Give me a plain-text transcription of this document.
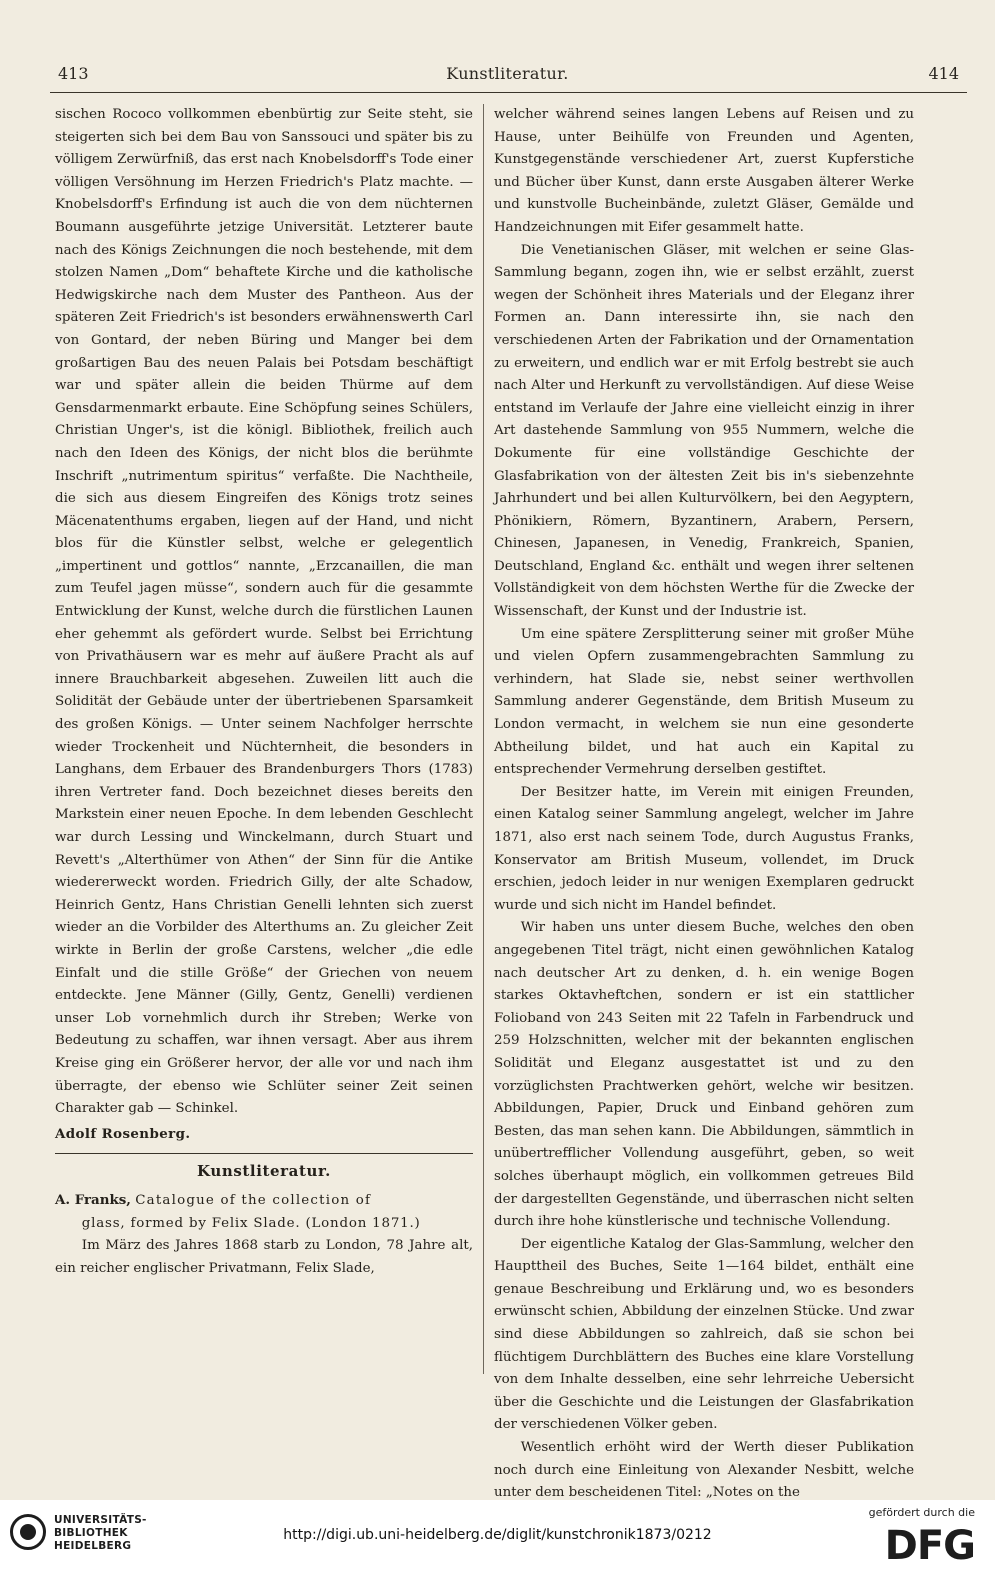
413	Kunstliteratur.	414

sischen Rococo vollkommen ebenbürtig zur Seite steht, sie steigerten sich bei dem Bau von Sanssouci und später bis zu völligem Zerwürfniß, das erst nach Knobelsdorff's Tode einer völligen Versöhnung im Herzen Friedrich's Platz machte. — Knobelsdorff's Erfindung ist auch die von dem nüchternen Boumann ausgeführte jetzige Universität. Letzterer baute nach des Königs Zeichnungen die noch bestehende, mit dem stolzen Namen „Dom“ behaftete Kirche und die katholische Hedwigskirche nach dem Muster des Pantheon. Aus der späteren Zeit Friedrich's ist besonders erwähnenswerth Carl von Gontard, der neben Büring und Manger bei dem großartigen Bau des neuen Palais bei Potsdam beschäftigt war und später allein die beiden Thürme auf dem Gensdarmenmarkt erbaute. Eine Schöpfung seines Schülers, Christian Unger's, ist die königl. Bibliothek, freilich auch nach den Ideen des Königs, der nicht blos die berühmte Inschrift „nutrimentum spiritus“ verfaßte. Die Nachtheile, die sich aus diesem Eingreifen des Königs trotz seines Mäcenatenthums ergaben, liegen auf der Hand, und nicht blos für die Künstler selbst, welche er gelegentlich „impertinent und gottlos“ nannte, „Erzcanaillen, die man zum Teufel jagen müsse“, sondern auch für die gesammte Entwicklung der Kunst, welche durch die fürstlichen Launen eher gehemmt als gefördert wurde. Selbst bei Errichtung von Privathäusern war es mehr auf äußere Pracht als auf innere Brauchbarkeit abgesehen. Zuweilen litt auch die Solidität der Gebäude unter der übertriebenen Sparsamkeit des großen Königs. — Unter seinem Nachfolger herrschte wieder Trockenheit und Nüchternheit, die besonders in Langhans, dem Erbauer des Brandenburgers Thors (1783) ihren Vertreter fand. Doch bezeichnet dieses bereits den Markstein einer neuen Epoche. In dem lebenden Geschlecht war durch Lessing und Winckelmann, durch Stuart und Revett's „Alterthümer von Athen“ der Sinn für die Antike wiedererweckt worden. Friedrich Gilly, der alte Schadow, Heinrich Gentz, Hans Christian Genelli lehnten sich zuerst wieder an die Vorbilder des Alterthums an. Zu gleicher Zeit wirkte in Berlin der große Carstens, welcher „die edle Einfalt und die stille Größe“ der Griechen von neuem entdeckte. Jene Männer (Gilly, Gentz, Genelli) verdienen unser Lob vornehmlich durch ihr Streben; Werke von Bedeutung zu schaffen, war ihnen versagt. Aber aus ihrem Kreise ging ein Größerer hervor, der alle vor und nach ihm überragte, der ebenso wie Schlüter seiner Zeit seinen Charakter gab — Schinkel.

Adolf Rosenberg.

Kunstliteratur.

A. Franks, Catalogue of the collection of
glass, formed by Felix Slade. (London 1871.)

Im März des Jahres 1868 starb zu London, 78 Jahre alt, ein reicher englischer Privatmann, Felix Slade,

welcher während seines langen Lebens auf Reisen und zu Hause, unter Beihülfe von Freunden und Agenten, Kunstgegenstände verschiedener Art, zuerst Kupferstiche und Bücher über Kunst, dann erste Ausgaben älterer Werke und kunstvolle Bucheinbände, zuletzt Gläser, Gemälde und Handzeichnungen mit Eifer gesammelt hatte.

Die Venetianischen Gläser, mit welchen er seine Glas-Sammlung begann, zogen ihn, wie er selbst erzählt, zuerst wegen der Schönheit ihres Materials und der Eleganz ihrer Formen an. Dann interessirte ihn, sie nach den verschiedenen Arten der Fabrikation und der Ornamentation zu erweitern, und endlich war er mit Erfolg bestrebt sie auch nach Alter und Herkunft zu vervollständigen. Auf diese Weise entstand im Verlaufe der Jahre eine vielleicht einzig in ihrer Art dastehende Sammlung von 955 Nummern, welche die Dokumente für eine vollständige Geschichte der Glasfabrikation von der ältesten Zeit bis in's siebenzehnte Jahrhundert und bei allen Kulturvölkern, bei den Aegyptern, Phönikiern, Römern, Byzantinern, Arabern, Persern, Chinesen, Japanesen, in Venedig, Frankreich, Spanien, Deutschland, England &c. enthält und wegen ihrer seltenen Vollständigkeit von dem höchsten Werthe für die Zwecke der Wissenschaft, der Kunst und der Industrie ist.

Um eine spätere Zersplitterung seiner mit großer Mühe und vielen Opfern zusammengebrachten Sammlung zu verhindern, hat Slade sie, nebst seiner werthvollen Sammlung anderer Gegenstände, dem British Museum zu London vermacht, in welchem sie nun eine gesonderte Abtheilung bildet, und hat auch ein Kapital zu entsprechender Vermehrung derselben gestiftet.

Der Besitzer hatte, im Verein mit einigen Freunden, einen Katalog seiner Sammlung angelegt, welcher im Jahre 1871, also erst nach seinem Tode, durch Augustus Franks, Konservator am British Museum, vollendet, im Druck erschien, jedoch leider in nur wenigen Exemplaren gedruckt wurde und sich nicht im Handel befindet.

Wir haben uns unter diesem Buche, welches den oben angegebenen Titel trägt, nicht einen gewöhnlichen Katalog nach deutscher Art zu denken, d. h. ein wenige Bogen starkes Oktavheftchen, sondern er ist ein stattlicher Folioband von 243 Seiten mit 22 Tafeln in Farbendruck und 259 Holzschnitten, welcher mit der bekannten englischen Solidität und Eleganz ausgestattet ist und zu den vorzüglichsten Prachtwerken gehört, welche wir besitzen. Abbildungen, Papier, Druck und Einband gehören zum Besten, das man sehen kann. Die Abbildungen, sämmtlich in unübertrefflicher Vollendung ausgeführt, geben, so weit solches überhaupt möglich, ein vollkommen getreues Bild der dargestellten Gegenstände, und überraschen nicht selten durch ihre hohe künstlerische und technische Vollendung.

Der eigentliche Katalog der Glas-Sammlung, welcher den Haupttheil des Buches, Seite 1—164 bildet, enthält eine genaue Beschreibung und Erklärung und, wo es besonders erwünscht schien, Abbildung der einzelnen Stücke. Und zwar sind diese Abbildungen so zahlreich, daß sie schon bei flüchtigem Durchblättern des Buches eine klare Vorstellung von dem Inhalte desselben, eine sehr lehrreiche Uebersicht über die Geschichte und die Leistungen der Glasfabrikation der verschiedenen Völker geben.

Wesentlich erhöht wird der Werth dieser Publikation noch durch eine Einleitung von Alexander Nesbitt, welche unter dem bescheidenen Titel: „Notes on the

UNIVERSITÄTS-
BIBLIOTHEK
HEIDELBERG
http://digi.ub.uni-heidelberg.de/diglit/kunstchronik1873/0212
gefördert durch die
DFG
